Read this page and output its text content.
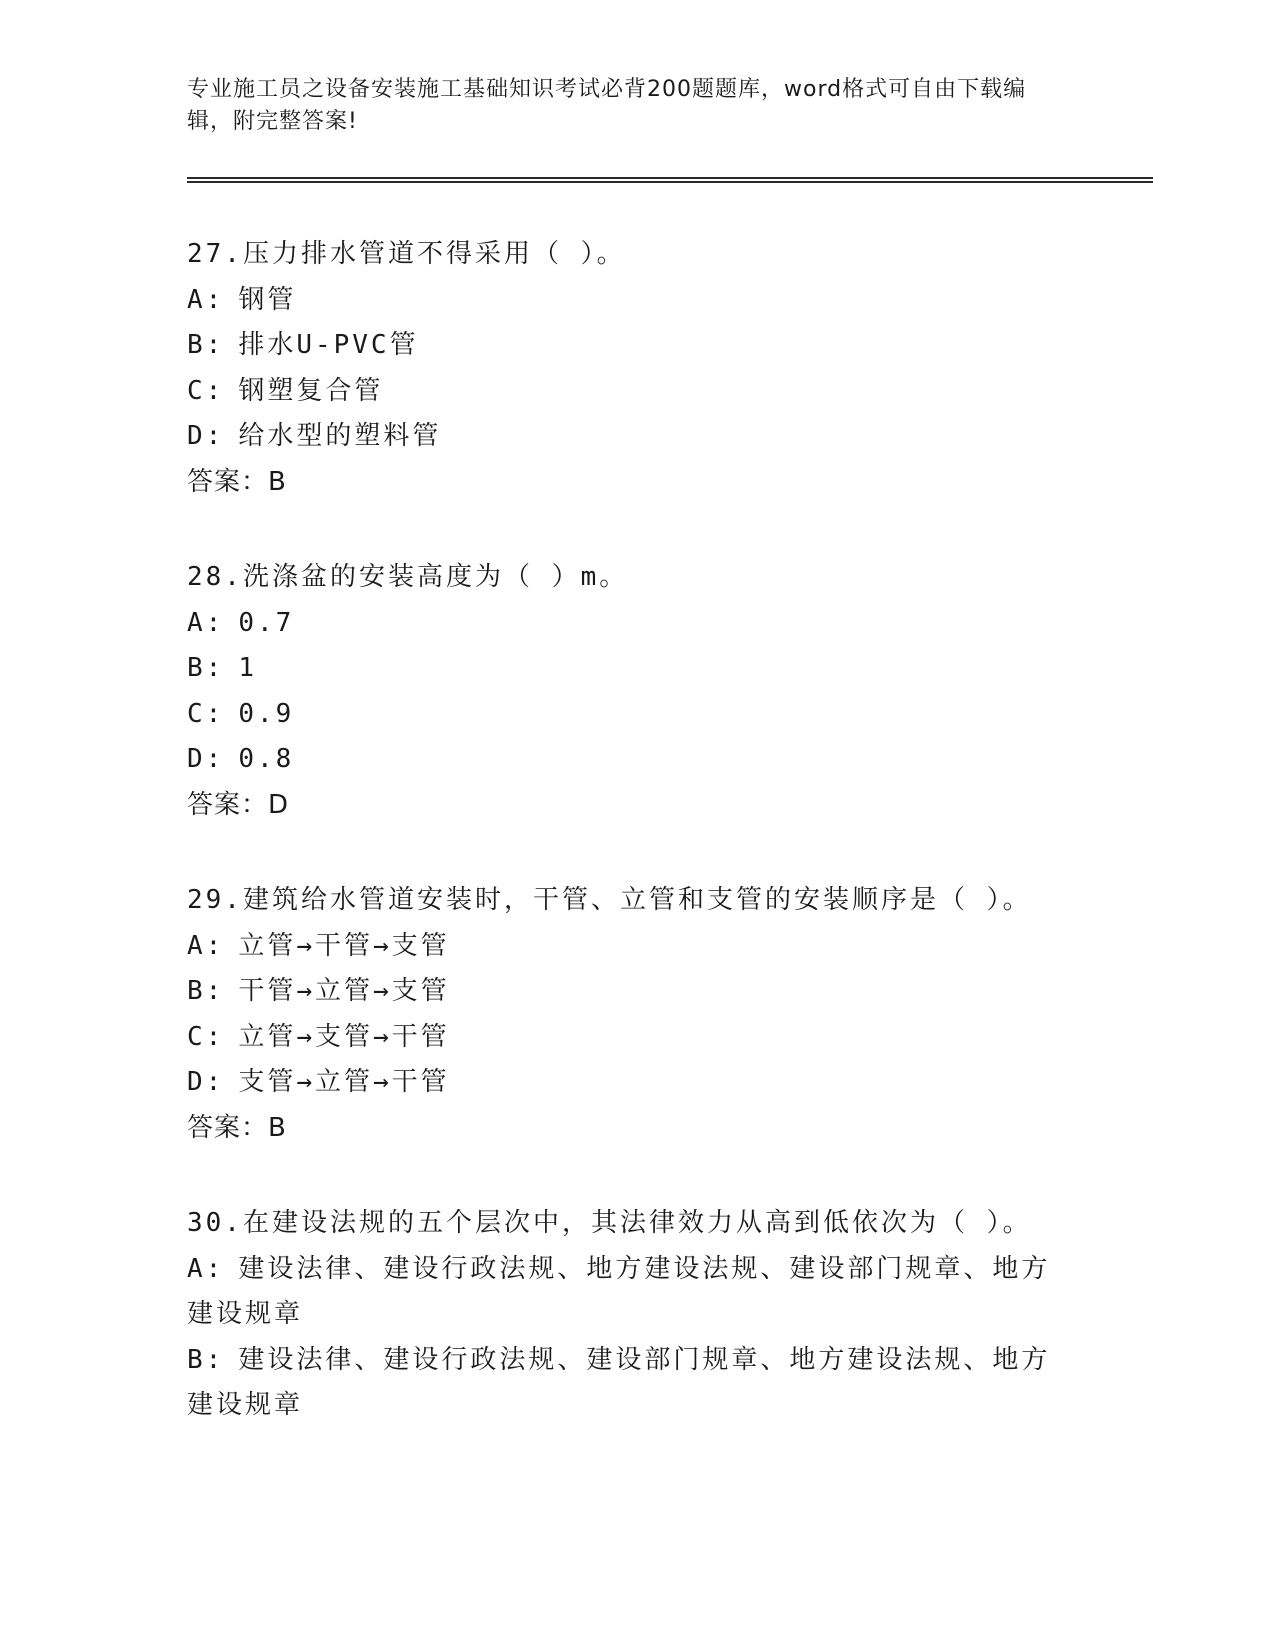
专业施工员之设备安装施工基础知识考试必背200题题库，word格式可自由下载编辑，附完整答案!
27.压力排水管道不得采用（ ）。
A: 钢管
B: 排水U-PVC管
C: 钢塑复合管
D: 给水型的塑料管
答案：B
28.洗涤盆的安装高度为（ ）m。
A: 0.7
B: 1
C: 0.9
D: 0.8
答案：D
29.建筑给水管道安装时，干管、立管和支管的安装顺序是（ ）。
A: 立管→干管→支管
B: 干管→立管→支管
C: 立管→支管→干管
D: 支管→立管→干管
答案：B
30.在建设法规的五个层次中，其法律效力从高到低依次为（ ）。
A: 建设法律、建设行政法规、地方建设法规、建设部门规章、地方建设规章
B: 建设法律、建设行政法规、建设部门规章、地方建设法规、地方建设规章
